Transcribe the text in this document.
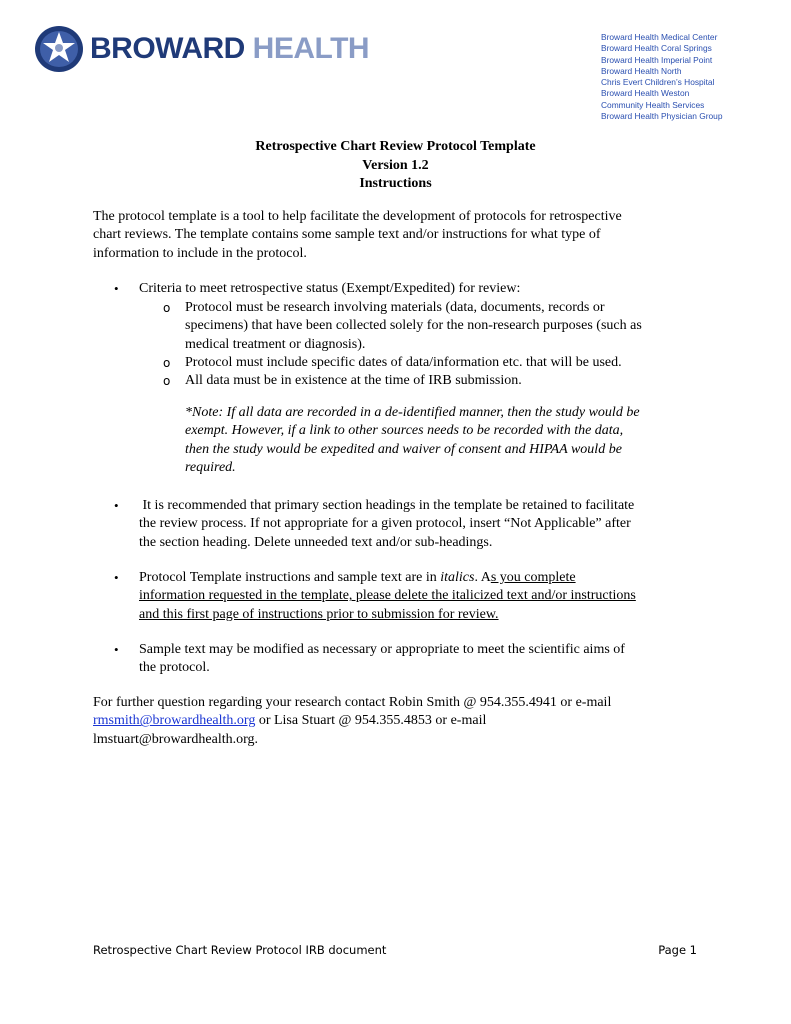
BROWARD HEALTH	Broward Health Medical Center
Broward Health Coral Springs
Broward Health Imperial Point
Broward Health North
Chris Evert Children’s Hospital
Broward Health Weston
Community Health Services
Broward Health Physician Group
Retrospective Chart Review Protocol Template
Version 1.2
Instructions
The protocol template is a tool to help facilitate the development of protocols for retrospective
chart reviews. The template contains some sample text and/or instructions for what type of
information to include in the protocol.
• Criteria to meet retrospective status (Exempt/Expedited) for review:
o Protocol must be research involving materials (data, documents, records or
specimens) that have been collected solely for the non-research purposes (such as
medical treatment or diagnosis).
o Protocol must include specific dates of data/information etc. that will be used.
o All data must be in existence at the time of IRB submission.
*Note: If all data are recorded in a de-identified manner, then the study would be
exempt. However, if a link to other sources needs to be recorded with the data,
then the study would be expedited and waiver of consent and HIPAA would be
required.
• It is recommended that primary section headings in the template be retained to facilitate
the review process. If not appropriate for a given protocol, insert “Not Applicable” after
the section heading. Delete unneeded text and/or sub-headings.
• Protocol Template instructions and sample text are in italics. As you complete
information requested in the template, please delete the italicized text and/or instructions
and this first page of instructions prior to submission for review.
• Sample text may be modified as necessary or appropriate to meet the scientific aims of
the protocol.
For further question regarding your research contact Robin Smith @ 954.355.4941 or e-mail
rmsmith@browardhealth.org or Lisa Stuart @ 954.355.4853 or e-mail
lmstuart@browardhealth.org.
Retrospective Chart Review Protocol IRB document	Page 1
